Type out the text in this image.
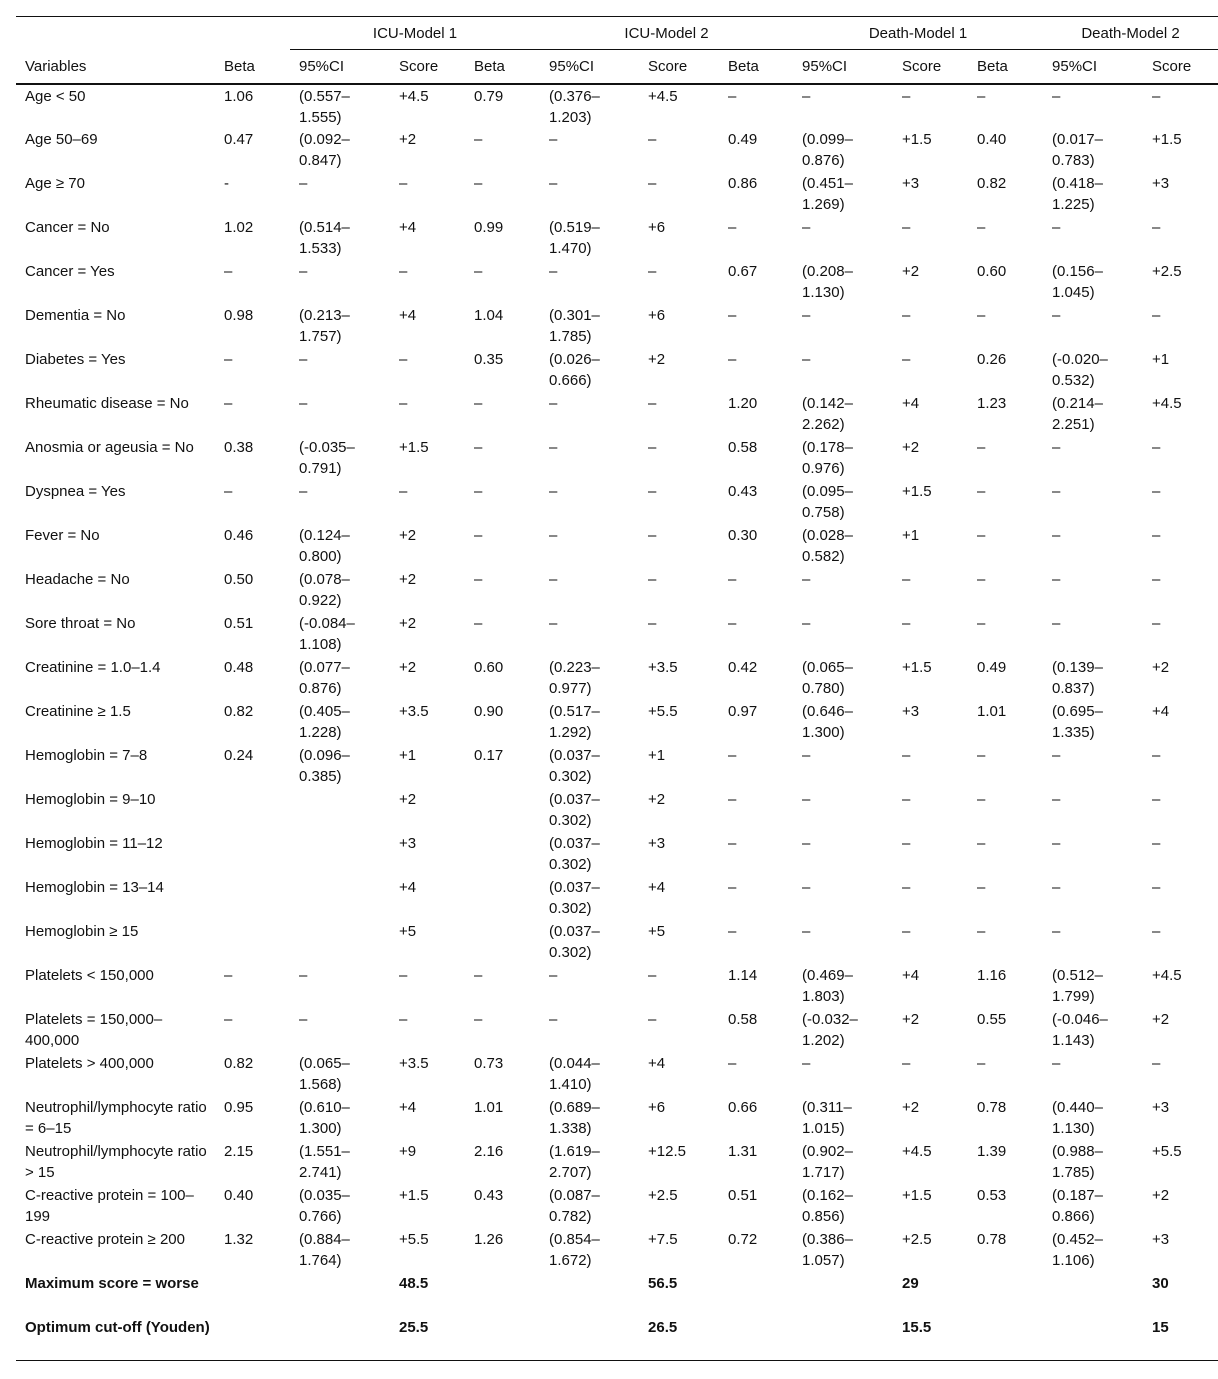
		ICU-Model 1			ICU-Model 2			Death-Model 1			Death-Model 2	
Variables	Beta	95%CI	Score	Beta	95%CI	Score	Beta	95%CI	Score	Beta	95%CI	Score
Age < 50	1.06	(0.557–1.555)	+4.5	0.79	(0.376–1.203)	+4.5	–	–	–	–	–	–
Age 50–69	0.47	(0.092–0.847)	+2	–	–	–	0.49	(0.099–0.876)	+1.5	0.40	(0.017–0.783)	+1.5
Age ≥ 70	-	–	–	–	–	–	0.86	(0.451–1.269)	+3	0.82	(0.418–1.225)	+3
Cancer = No	1.02	(0.514–1.533)	+4	0.99	(0.519–1.470)	+6	–	–	–	–	–	–
Cancer = Yes	–	–	–	–	–	–	0.67	(0.208–1.130)	+2	0.60	(0.156–1.045)	+2.5
Dementia = No	0.98	(0.213–1.757)	+4	1.04	(0.301–1.785)	+6	–	–	–	–	–	–
Diabetes = Yes	–	–	–	0.35	(0.026–0.666)	+2	–	–	–	0.26	(-0.020–0.532)	+1
Rheumatic disease = No	–	–	–	–	–	–	1.20	(0.142–2.262)	+4	1.23	(0.214–2.251)	+4.5
Anosmia or ageusia = No	0.38	(-0.035–0.791)	+1.5	–	–	–	0.58	(0.178–0.976)	+2	–	–	–
Dyspnea = Yes	–	–	–	–	–	–	0.43	(0.095–0.758)	+1.5	–	–	–
Fever = No	0.46	(0.124–0.800)	+2	–	–	–	0.30	(0.028–0.582)	+1	–	–	–
Headache = No	0.50	(0.078–0.922)	+2	–	–	–	–	–	–	–	–	–
Sore throat = No	0.51	(-0.084–1.108)	+2	–	–	–	–	–	–	–	–	–
Creatinine = 1.0–1.4	0.48	(0.077–0.876)	+2	0.60	(0.223–0.977)	+3.5	0.42	(0.065–0.780)	+1.5	0.49	(0.139–0.837)	+2
Creatinine ≥ 1.5	0.82	(0.405–1.228)	+3.5	0.90	(0.517–1.292)	+5.5	0.97	(0.646–1.300)	+3	1.01	(0.695–1.335)	+4
Hemoglobin = 7–8	0.24	(0.096–0.385)	+1	0.17	(0.037–0.302)	+1	–	–	–	–	–	–
Hemoglobin = 9–10			+2		(0.037–0.302)	+2	–	–	–	–	–	–
Hemoglobin = 11–12			+3		(0.037–0.302)	+3	–	–	–	–	–	–
Hemoglobin = 13–14			+4		(0.037–0.302)	+4	–	–	–	–	–	–
Hemoglobin ≥ 15			+5		(0.037–0.302)	+5	–	–	–	–	–	–
Platelets < 150,000	–	–	–	–	–	–	1.14	(0.469–1.803)	+4	1.16	(0.512–1.799)	+4.5
Platelets = 150,000–400,000	–	–	–	–	–	–	0.58	(-0.032–1.202)	+2	0.55	(-0.046–1.143)	+2
Platelets > 400,000	0.82	(0.065–1.568)	+3.5	0.73	(0.044–1.410)	+4	–	–	–	–	–	–
Neutrophil/lymphocyte ratio = 6–15	0.95	(0.610–1.300)	+4	1.01	(0.689–1.338)	+6	0.66	(0.311–1.015)	+2	0.78	(0.440–1.130)	+3
Neutrophil/lymphocyte ratio > 15	2.15	(1.551–2.741)	+9	2.16	(1.619–2.707)	+12.5	1.31	(0.902–1.717)	+4.5	1.39	(0.988–1.785)	+5.5
C-reactive protein = 100–199	0.40	(0.035–0.766)	+1.5	0.43	(0.087–0.782)	+2.5	0.51	(0.162–0.856)	+1.5	0.53	(0.187–0.866)	+2
C-reactive protein ≥ 200	1.32	(0.884–1.764)	+5.5	1.26	(0.854–1.672)	+7.5	0.72	(0.386–1.057)	+2.5	0.78	(0.452–1.106)	+3
Maximum score = worse			48.5			56.5			29			30
Optimum cut-off (Youden)			25.5			26.5			15.5			15
